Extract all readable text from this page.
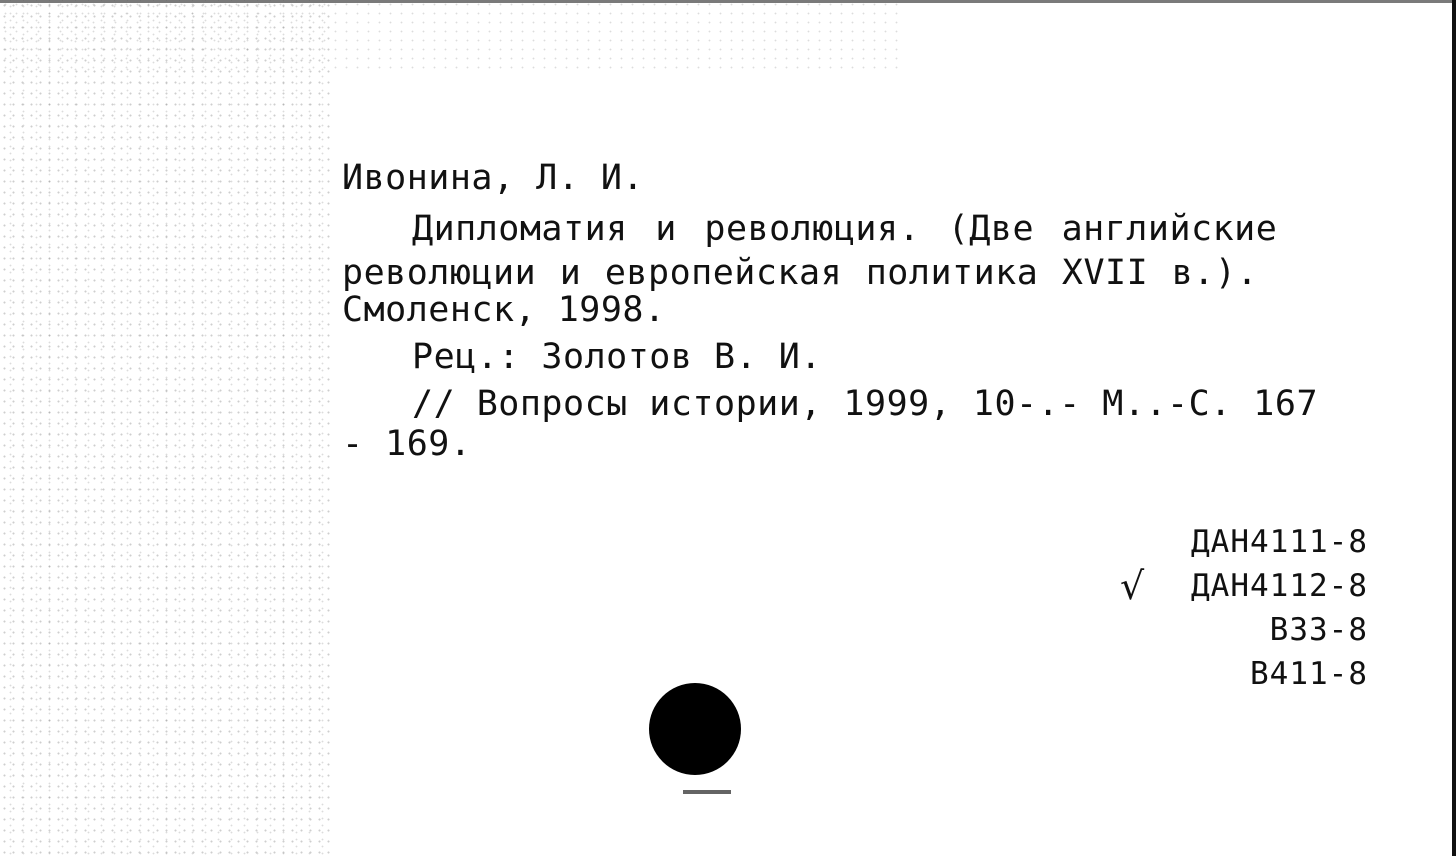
Ивонина, Л. И.
Дипломатия и революция. (Две английские
революции и европейская политика XVII в.).
Смоленск, 1998.
Рец.: Золотов В. И.
// Вопросы истории, 1999, 10-.- М..-С. 167
- 169.
ДАН4111-8
√ ДАН4112-8
В33-8
В411-8
